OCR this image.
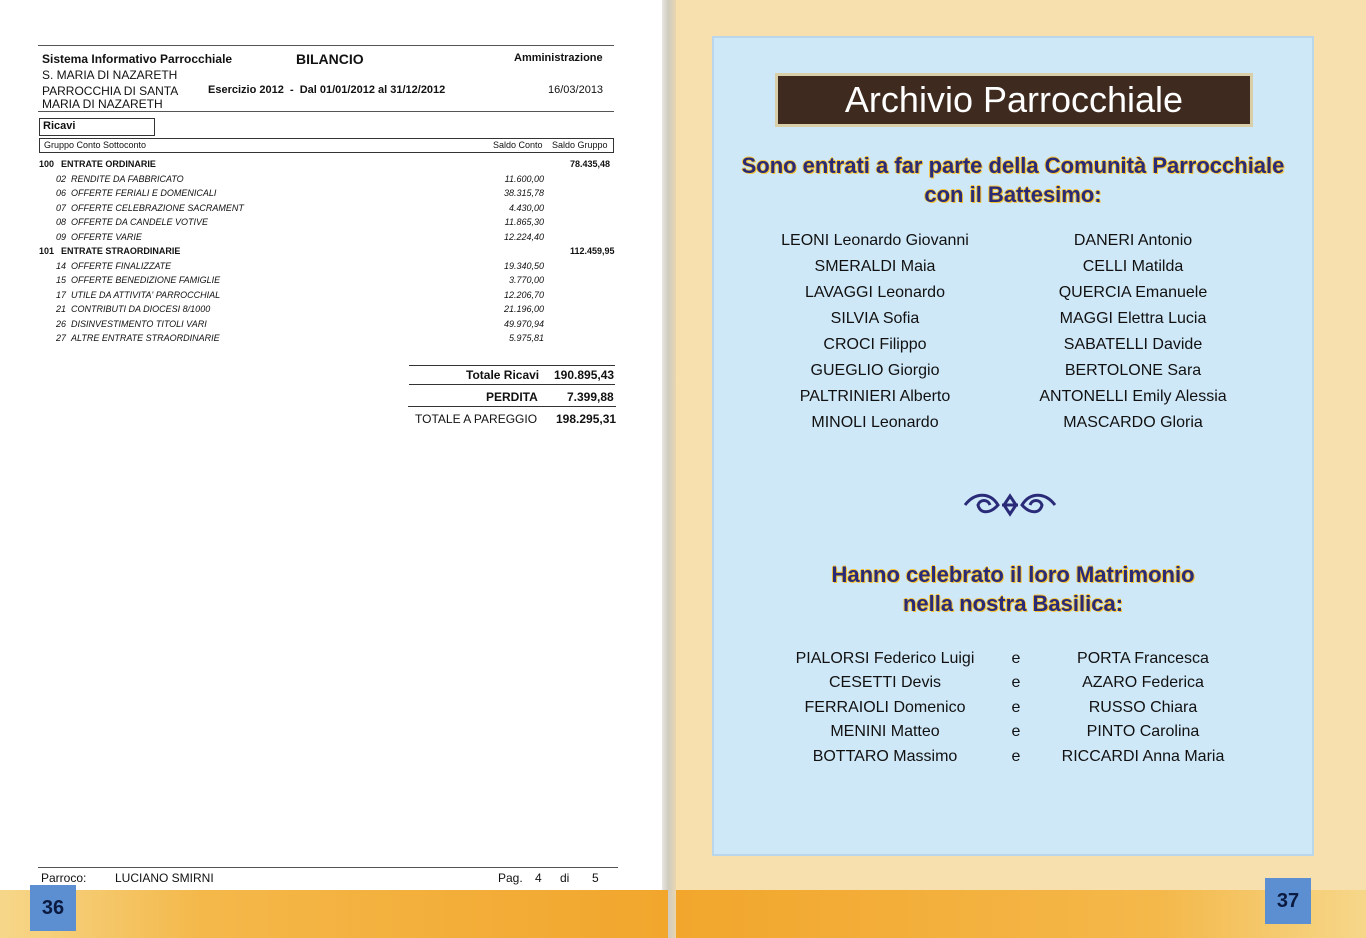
Sistema Informativo Parrocchiale	BILANCIO	Amministrazione
S. MARIA DI NAZARETH
PARROCCHIA DI SANTA
MARIA DI NAZARETH
Esercizio 2012  -  Dal 01/01/2012 al 31/12/2012	16/03/2013
Ricavi
Gruppo Conto Sottoconto	Saldo Conto Saldo Gruppo
100 ENTRATE ORDINARIE	78.435,48
02 RENDITE DA FABBRICATO	11.600,00
06 OFFERTE FERIALI E DOMENICALI	38.315,78
07 OFFERTE CELEBRAZIONE SACRAMENT	4.430,00
08 OFFERTE DA CANDELE VOTIVE	11.865,30
09 OFFERTE VARIE	12.224,40
101 ENTRATE STRAORDINARIE	112.459,95
14 OFFERTE FINALIZZATE	19.340,50
15 OFFERTE BENEDIZIONE FAMIGLIE	3.770,00
17 UTILE DA ATTIVITA' PARROCCHIAL	12.206,70
21 CONTRIBUTI DA DIOCESI 8/1000	21.196,00
26 DISINVESTIMENTO TITOLI VARI	49.970,94
27 ALTRE ENTRATE STRAORDINARIE	5.975,81
Totale Ricavi 190.895,43
PERDITA 7.399,88
TOTALE A PAREGGIO 198.295,31
Parroco: LUCIANO SMIRNI	Pag. 4 di 5
36
Archivio Parrocchiale
Sono entrati a far parte della Comunità Parrocchiale
con il Battesimo:
LEONI Leonardo Giovanni
SMERALDI Maia
LAVAGGI Leonardo
SILVIA Sofia
CROCI Filippo
GUEGLIO Giorgio
PALTRINIERI Alberto
MINOLI Leonardo
DANERI Antonio
CELLI Matilda
QUERCIA Emanuele
MAGGI Elettra Lucia
SABATELLI Davide
BERTOLONE Sara
ANTONELLI Emily Alessia
MASCARDO Gloria
Hanno celebrato il loro Matrimonio
nella nostra Basilica:
PIALORSI Federico Luigi	e	PORTA Francesca
CESETTI Devis	e	AZARO Federica
FERRAIOLI Domenico	e	RUSSO Chiara
MENINI Matteo	e	PINTO Carolina
BOTTARO Massimo	e	RICCARDI Anna Maria
37
